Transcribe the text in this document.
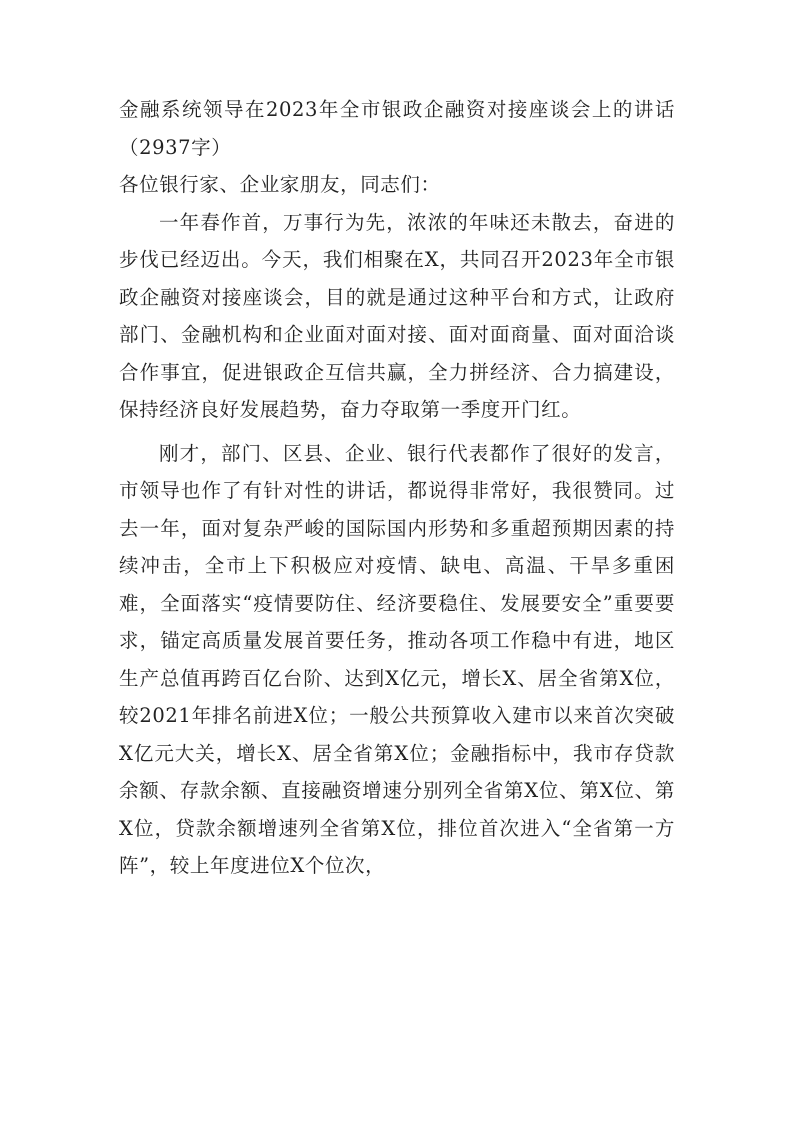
金融系统领导在2023年全市银政企融资对接座谈会上的讲话（2937字）

各位银行家、企业家朋友，同志们：

一年春作首，万事行为先，浓浓的年味还未散去，奋进的步伐已经迈出。今天，我们相聚在X，共同召开2023年全市银政企融资对接座谈会，目的就是通过这种平台和方式，让政府部门、金融机构和企业面对面对接、面对面商量、面对面洽谈合作事宜，促进银政企互信共赢，全力拼经济、合力搞建设，保持经济良好发展趋势，奋力夺取第一季度开门红。

刚才，部门、区县、企业、银行代表都作了很好的发言，市领导也作了有针对性的讲话，都说得非常好，我很赞同。过去一年，面对复杂严峻的国际国内形势和多重超预期因素的持续冲击，全市上下积极应对疫情、缺电、高温、干旱多重困难，全面落实“疫情要防住、经济要稳住、发展要安全”重要要求，锚定高质量发展首要任务，推动各项工作稳中有进，地区生产总值再跨百亿台阶、达到X亿元，增长X、居全省第X位，较2021年排名前进X位；一般公共预算收入建市以来首次突破X亿元大关，增长X、居全省第X位；金融指标中，我市存贷款余额、存款余额、直接融资增速分别列全省第X位、第X位、第X位，贷款余额增速列全省第X位，排位首次进入“全省第一方阵”，较上年度进位X个位次，
